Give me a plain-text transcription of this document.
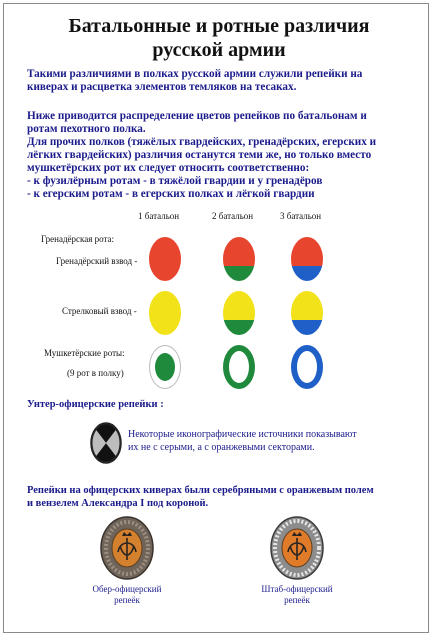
Батальонные и ротные различия
русской армии
Такими различиями в полках русской армии служили репейки на
киверах и расцветка элементов темляков на тесаках.
Ниже приводится распределение цветов репейков по батальонам и
ротам пехотного полка.
Для прочих полков (тяжёлых гвардейских, гренадёрских, егерских и
лёгких гвардейских) различия останутся теми же, но только вместо
мушкетёрских рот их следует относить соответственно:
- к фузилёрным ротам - в тяжёлой гвардии и у гренадёров
- к егерским ротам - в егерских полках и лёгкой гвардии
1 батальон	2 батальон	3 батальон
Гренадёрская рота:
Гренадёрский взвод -
Стрелковый взвод -
Мушкетёрские роты:
(9 рот в полку)
Унтер-офицерские репейки :
Некоторые иконографические источники показывают
их не с серыми, а с оранжевыми секторами.
Репейки на офицерских киверах были серебряными с оранжевым полем
и вензелем Александра I под короной.
Обер-офицерский
репеёк
Штаб-офицерский
репеёк
